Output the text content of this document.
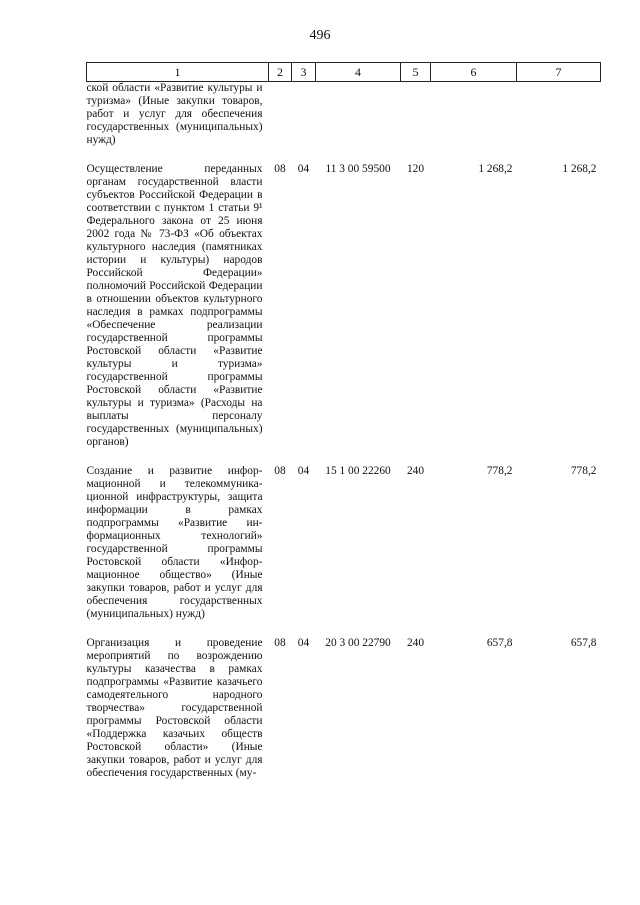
496
1	2	3	4	5	6	7
ской области «Развитие культуры и туризма» (Иные закупки товаров, работ и услуг для обеспечения государственных (муниципальных) нужд)						
Осуществление переданных органам государственной власти субъектов Российской Федерации в соответствии с пунктом 1 статьи 9¹ Федерального закона от 25 июня 2002 года № 73-ФЗ «Об объектах культурного наследия (памятниках истории и культуры) народов Российской Федерации» полномочий Российской Федерации в отношении объектов культурного наследия в рамках подпрограммы «Обеспечение реализации государственной программы Ростовской области «Развитие культуры и туризма» государственной программы Ростовской области «Развитие культуры и туризма» (Расходы на выплаты персоналу государственных (муниципальных) органов)	08	04	11 3 00 59500	120	1 268,2	1 268,2
Создание и развитие информационной и телекоммуникационной инфраструктуры, защита информации в рамках подпрограммы «Развитие информационных технологий» государственной программы Ростовской области «Информационное общество» (Иные закупки товаров, работ и услуг для обеспечения государственных (муниципальных) нужд)	08	04	15 1 00 22260	240	778,2	778,2
Организация и проведение мероприятий по возрождению культуры казачества в рамках подпрограммы «Развитие казачьего самодеятельного народного творчества» государственной программы Ростовской области «Поддержка казачьих обществ Ростовской области» (Иные закупки товаров, работ и услуг для обеспечения государственных (му-	08	04	20 3 00 22790	240	657,8	657,8
